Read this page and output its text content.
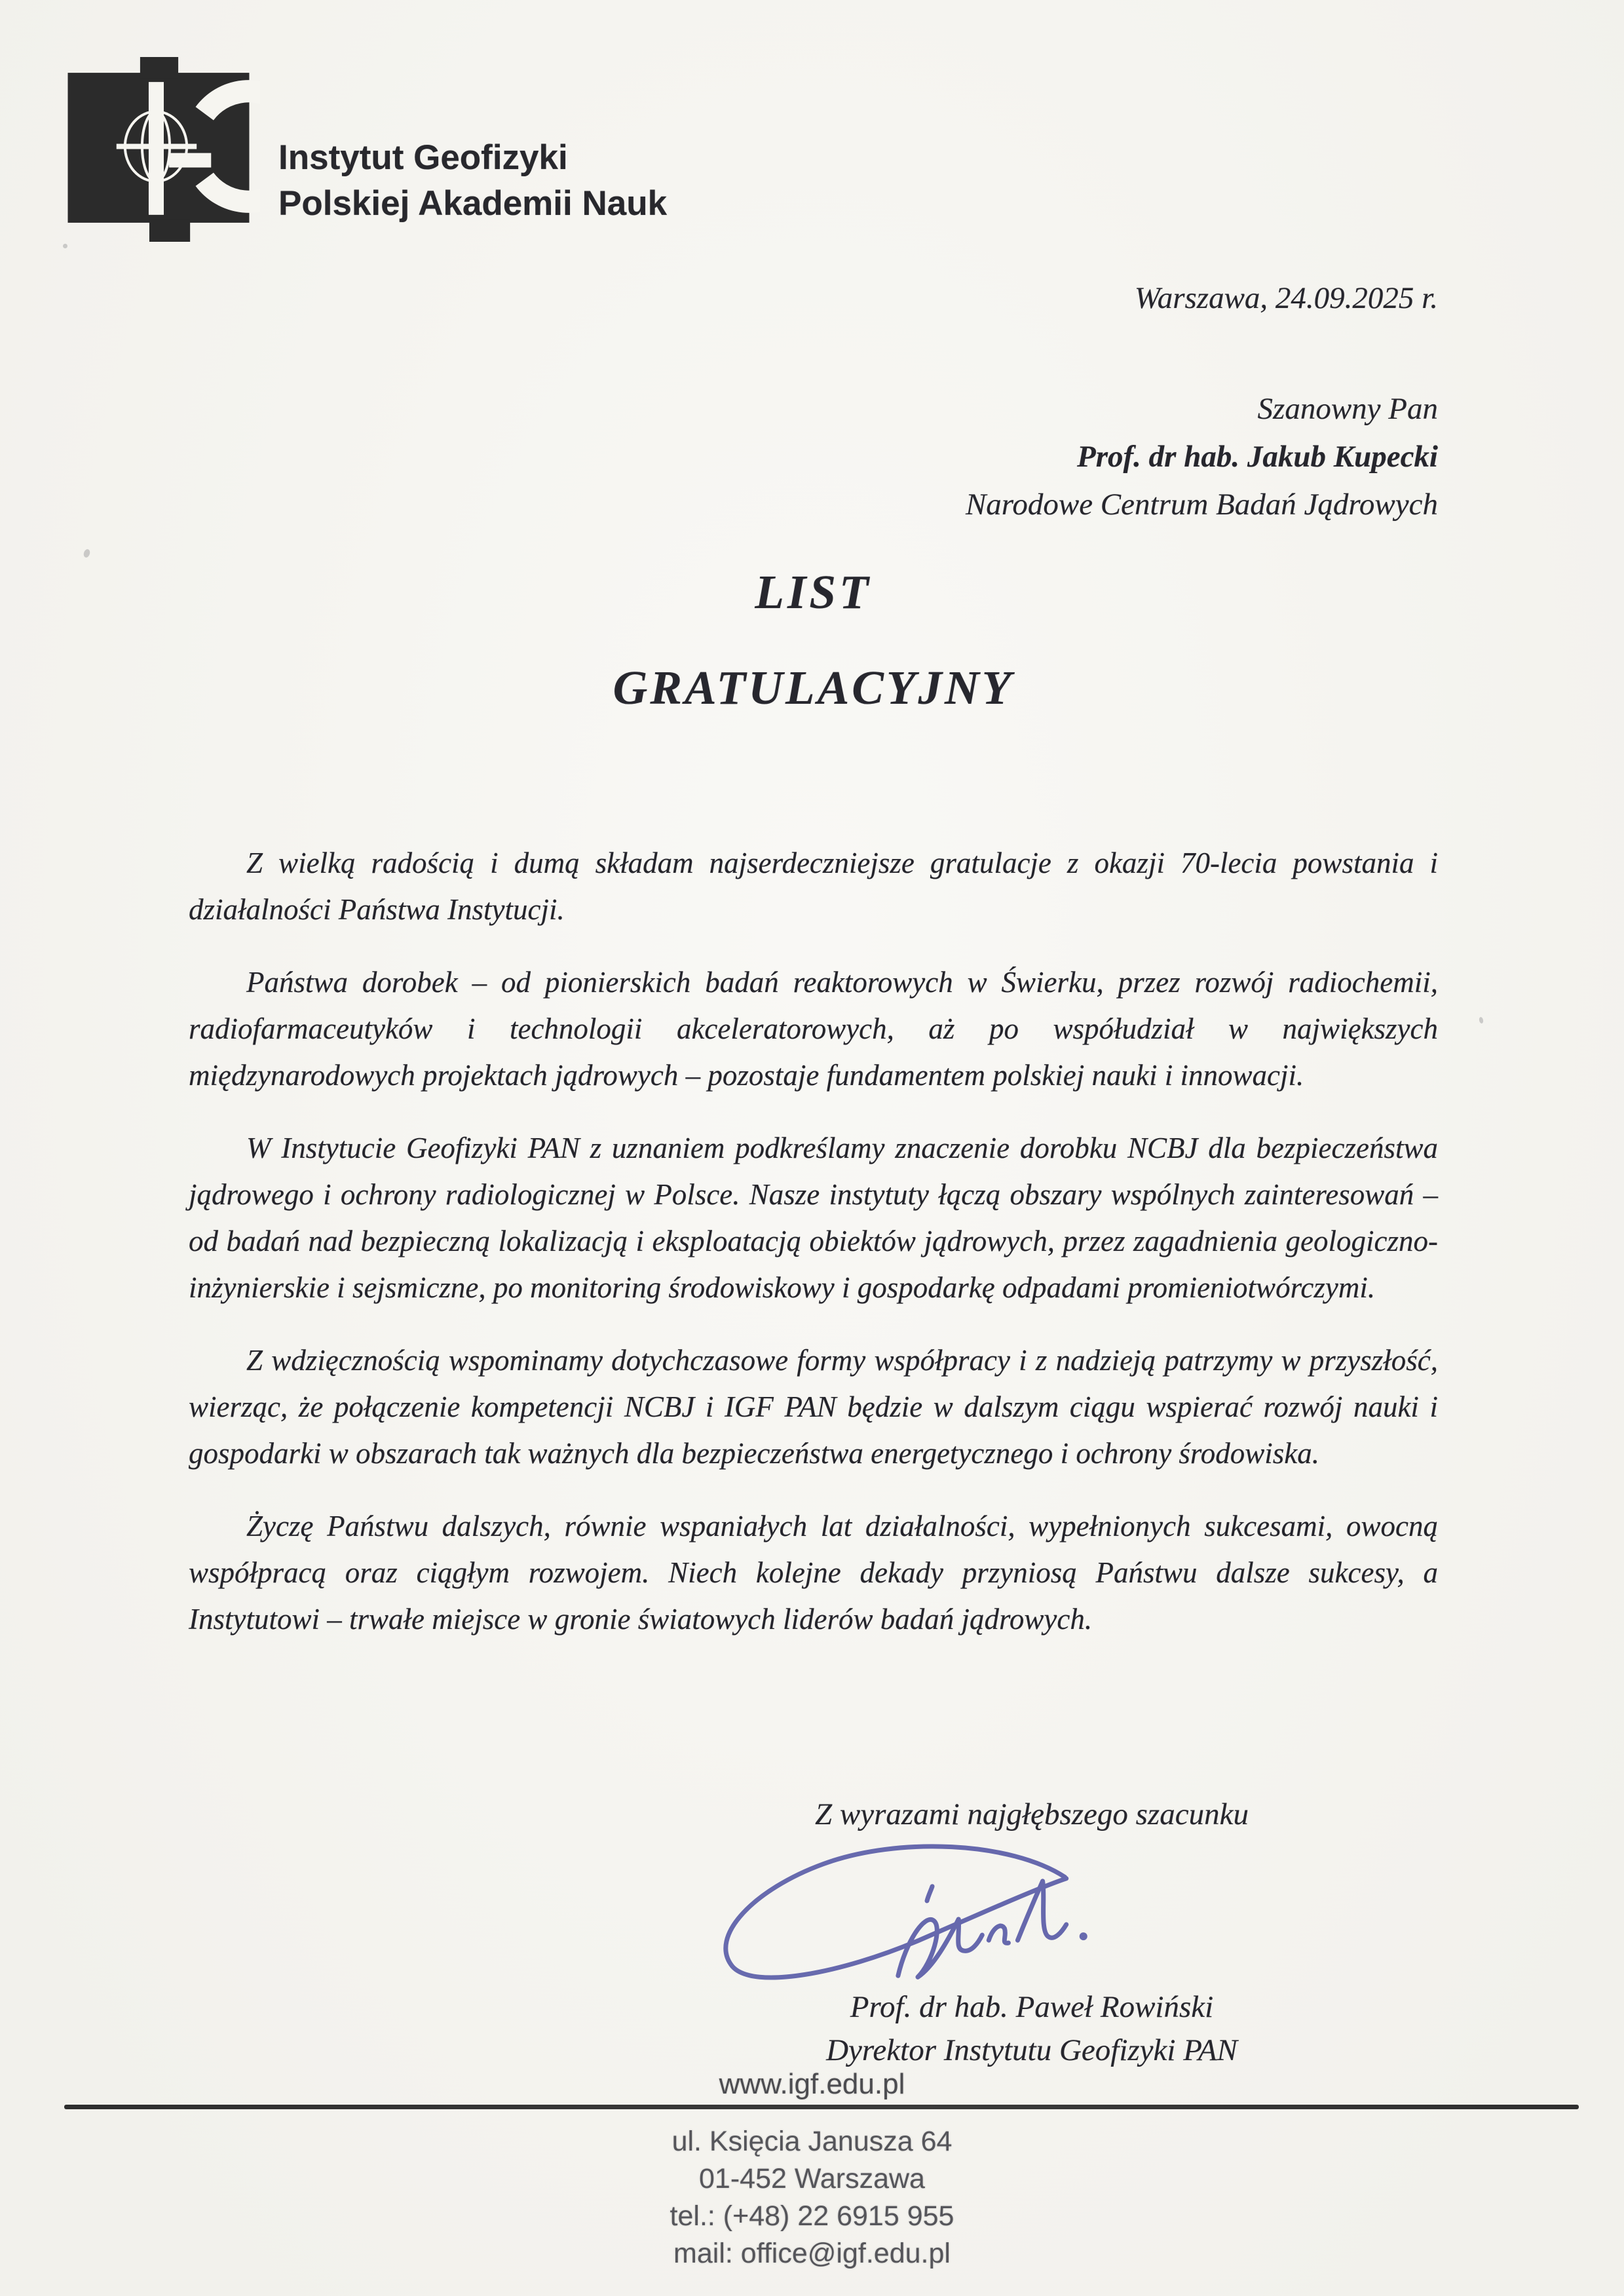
Instytut Geofizyki
Polskiej Akademii Nauk
Warszawa, 24.09.2025 r.
Szanowny Pan
Prof. dr hab. Jakub Kupecki
Narodowe Centrum Badań Jądrowych
LIST
GRATULACYJNY

Z wielką radością i dumą składam najserdeczniejsze gratulacje z okazji 70-lecia powstania i działalności Państwa Instytucji.

Państwa dorobek – od pionierskich badań reaktorowych w Świerku, przez rozwój radiochemii, radiofarmaceutyków i technologii akceleratorowych, aż po współudział w największych międzynarodowych projektach jądrowych – pozostaje fundamentem polskiej nauki i innowacji.

W Instytucie Geofizyki PAN z uznaniem podkreślamy znaczenie dorobku NCBJ dla bezpieczeństwa jądrowego i ochrony radiologicznej w Polsce. Nasze instytuty łączą obszary wspólnych zainteresowań – od badań nad bezpieczną lokalizacją i eksploatacją obiektów jądrowych, przez zagadnienia geologiczno-inżynierskie i sejsmiczne, po monitoring środowiskowy i gospodarkę odpadami promieniotwórczymi.

Z wdzięcznością wspominamy dotychczasowe formy współpracy i z nadzieją patrzymy w przyszłość, wierząc, że połączenie kompetencji NCBJ i IGF PAN będzie w dalszym ciągu wspierać rozwój nauki i gospodarki w obszarach tak ważnych dla bezpieczeństwa energetycznego i ochrony środowiska.

Życzę Państwu dalszych, równie wspaniałych lat działalności, wypełnionych sukcesami, owocną współpracą oraz ciągłym rozwojem. Niech kolejne dekady przyniosą Państwu dalsze sukcesy, a Instytutowi – trwałe miejsce w gronie światowych liderów badań jądrowych.

Z wyrazami najgłębszego szacunku
Prof. dr hab. Paweł Rowiński
Dyrektor Instytutu Geofizyki PAN
www.igf.edu.pl
ul. Księcia Janusza 64
01-452 Warszawa
tel.: (+48) 22 6915 955
mail: office@igf.edu.pl
